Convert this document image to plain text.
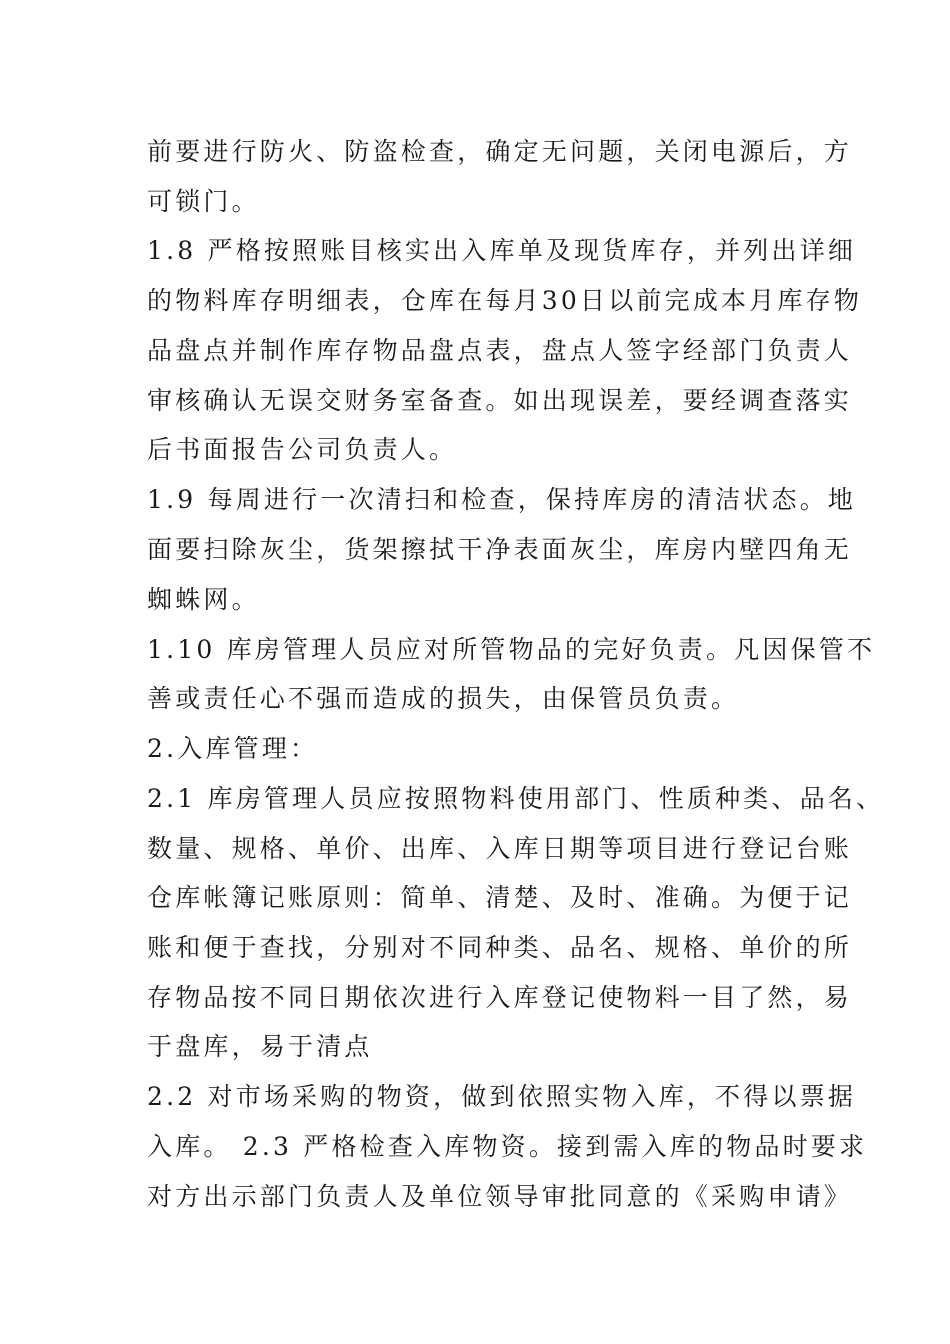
前要进行防火、防盗检查，确定无问题，关闭电源后，方
可锁门。
1.8 严格按照账目核实出入库单及现货库存，并列出详细
的物料库存明细表，仓库在每月30日以前完成本月库存物
品盘点并制作库存物品盘点表，盘点人签字经部门负责人
审核确认无误交财务室备查。如出现误差，要经调查落实
后书面报告公司负责人。
1.9 每周进行一次清扫和检查，保持库房的清洁状态。地
面要扫除灰尘，货架擦拭干净表面灰尘，库房内壁四角无
蜘蛛网。
1.10 库房管理人员应对所管物品的完好负责。凡因保管不
善或责任心不强而造成的损失，由保管员负责。
2.入库管理：
2.1 库房管理人员应按照物料使用部门、性质种类、品名、
数量、规格、单价、出库、入库日期等项目进行登记台账
仓库帐簿记账原则：简单、清楚、及时、准确。为便于记
账和便于查找，分别对不同种类、品名、规格、单价的所
存物品按不同日期依次进行入库登记使物料一目了然，易
于盘库，易于清点
2.2 对市场采购的物资，做到依照实物入库，不得以票据
入库。 2.3 严格检查入库物资。接到需入库的物品时要求
对方出示部门负责人及单位领导审批同意的《采购申请》
